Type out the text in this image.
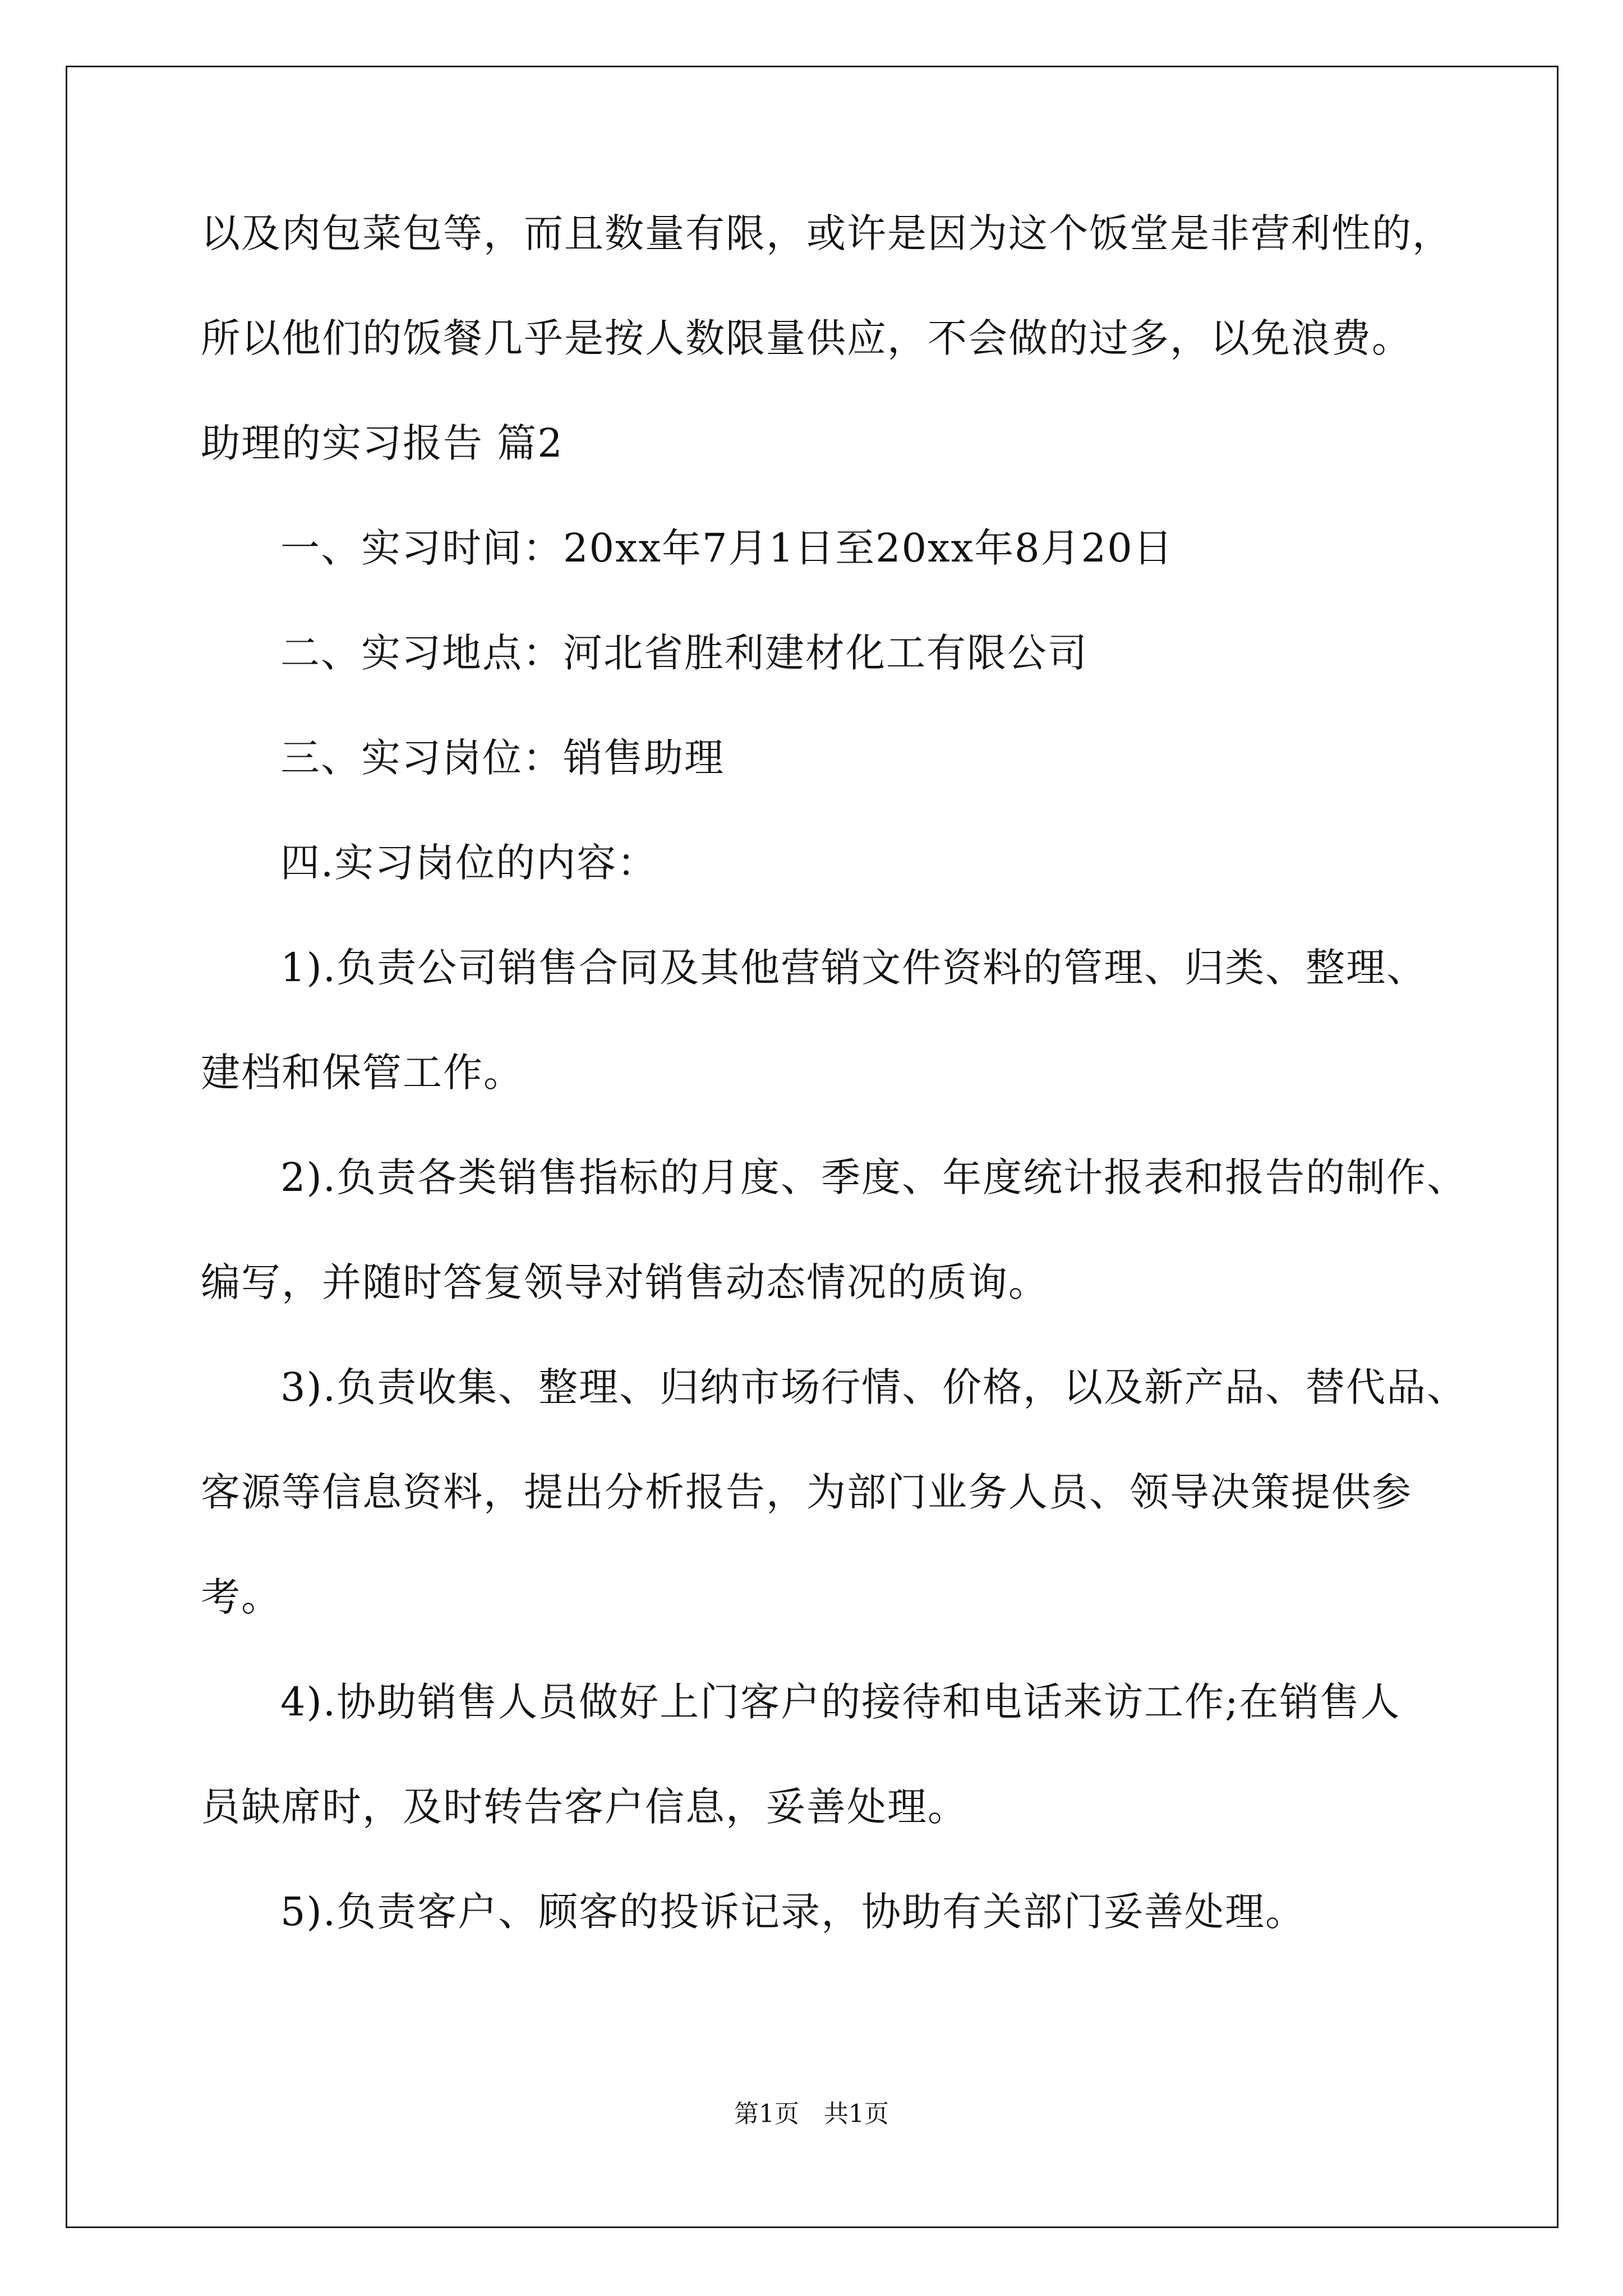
以及肉包菜包等，而且数量有限，或许是因为这个饭堂是非营利性的，
所以他们的饭餐几乎是按人数限量供应，不会做的过多，以免浪费。
助理的实习报告 篇2
一、实习时间：20xx年7月1日至20xx年8月20日
二、实习地点：河北省胜利建材化工有限公司
三、实习岗位：销售助理
四.实习岗位的内容：
1).负责公司销售合同及其他营销文件资料的管理、归类、整理、
建档和保管工作。
2).负责各类销售指标的月度、季度、年度统计报表和报告的制作、
编写，并随时答复领导对销售动态情况的质询。
3).负责收集、整理、归纳市场行情、价格，以及新产品、替代品、
客源等信息资料，提出分析报告，为部门业务人员、领导决策提供参
考。
4).协助销售人员做好上门客户的接待和电话来访工作;在销售人
员缺席时，及时转告客户信息，妥善处理。
5).负责客户、顾客的投诉记录，协助有关部门妥善处理。
第1页　共1页
